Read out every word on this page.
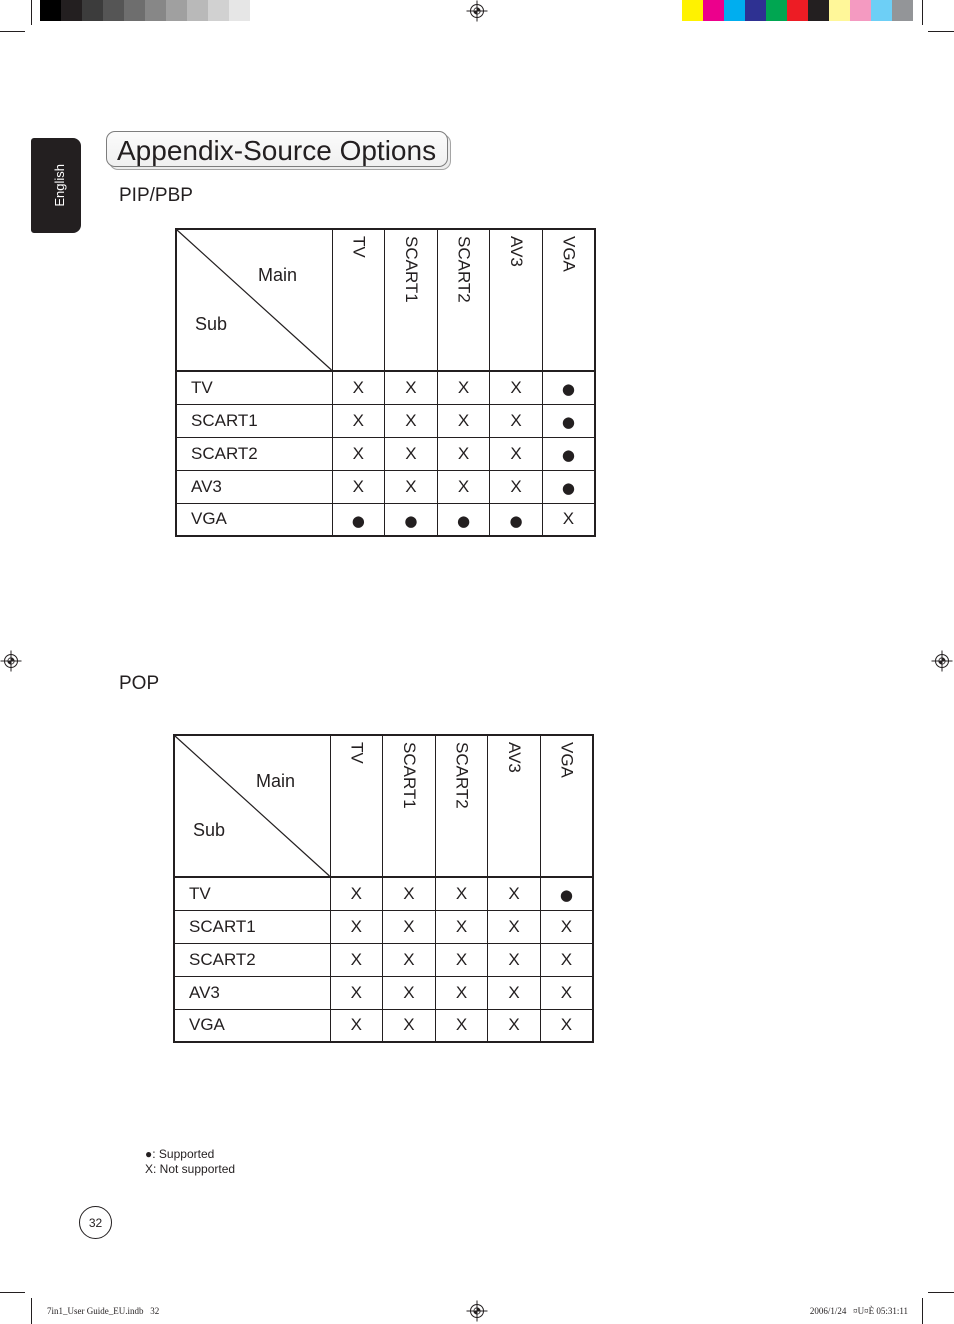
English
Appendix-Source Options
PIP/PBP
Main
Sub	TV	SCART1	SCART2	AV3	VGA
TV	X	X	X	X	●
SCART1	X	X	X	X	●
SCART2	X	X	X	X	●
AV3	X	X	X	X	●
VGA	●	●	●	●	X
POP
Main
Sub	TV	SCART1	SCART2	AV3	VGA
TV	X	X	X	X	●
SCART1	X	X	X	X	X
SCART2	X	X	X	X	X
AV3	X	X	X	X	X
VGA	X	X	X	X	X
●: Supported
X: Not supported
32
7in1_User Guide_EU.indb   32	2006/1/24   ¤U¤È 05:31:11
